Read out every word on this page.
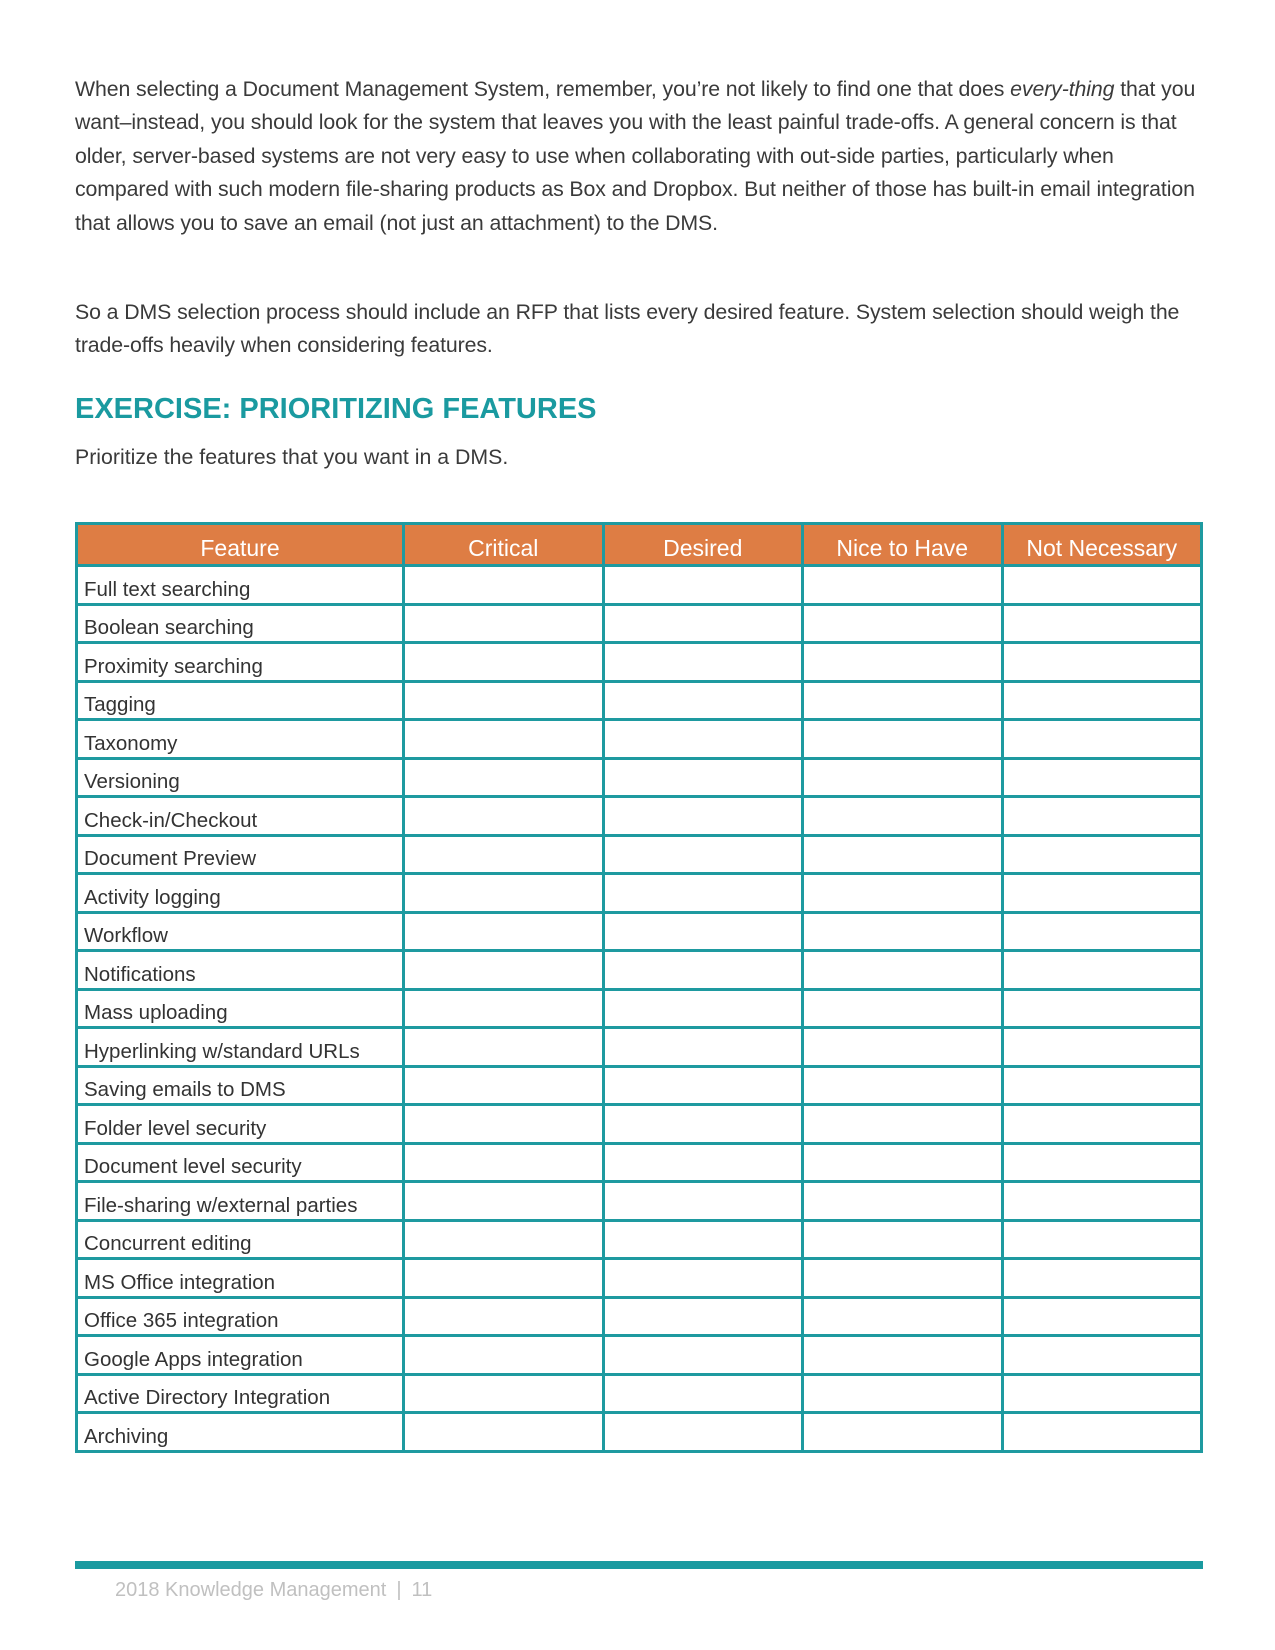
When selecting a Document Management System, remember, you’re not likely to find one that does every-thing that you want–instead, you should look for the system that leaves you with the least painful trade-offs. A general concern is that older, server-based systems are not very easy to use when collaborating with out-side parties, particularly when compared with such modern file-sharing products as Box and Dropbox. But neither of those has built-in email integration that allows you to save an email (not just an attachment) to the DMS.

So a DMS selection process should include an RFP that lists every desired feature. System selection should weigh the trade-offs heavily when considering features.

EXERCISE: PRIORITIZING FEATURES

Prioritize the features that you want in a DMS.

Feature	Critical	Desired	Nice to Have	Not Necessary
Full text searching				
Boolean searching				
Proximity searching				
Tagging				
Taxonomy				
Versioning				
Check-in/Checkout				
Document Preview				
Activity logging				
Workflow				
Notifications				
Mass uploading				
Hyperlinking w/standard URLs				
Saving emails to DMS				
Folder level security				
Document level security				
File-sharing w/external parties				
Concurrent editing				
MS Office integration				
Office 365 integration				
Google Apps integration				
Active Directory Integration				
Archiving				

2018 Knowledge Management | 11
